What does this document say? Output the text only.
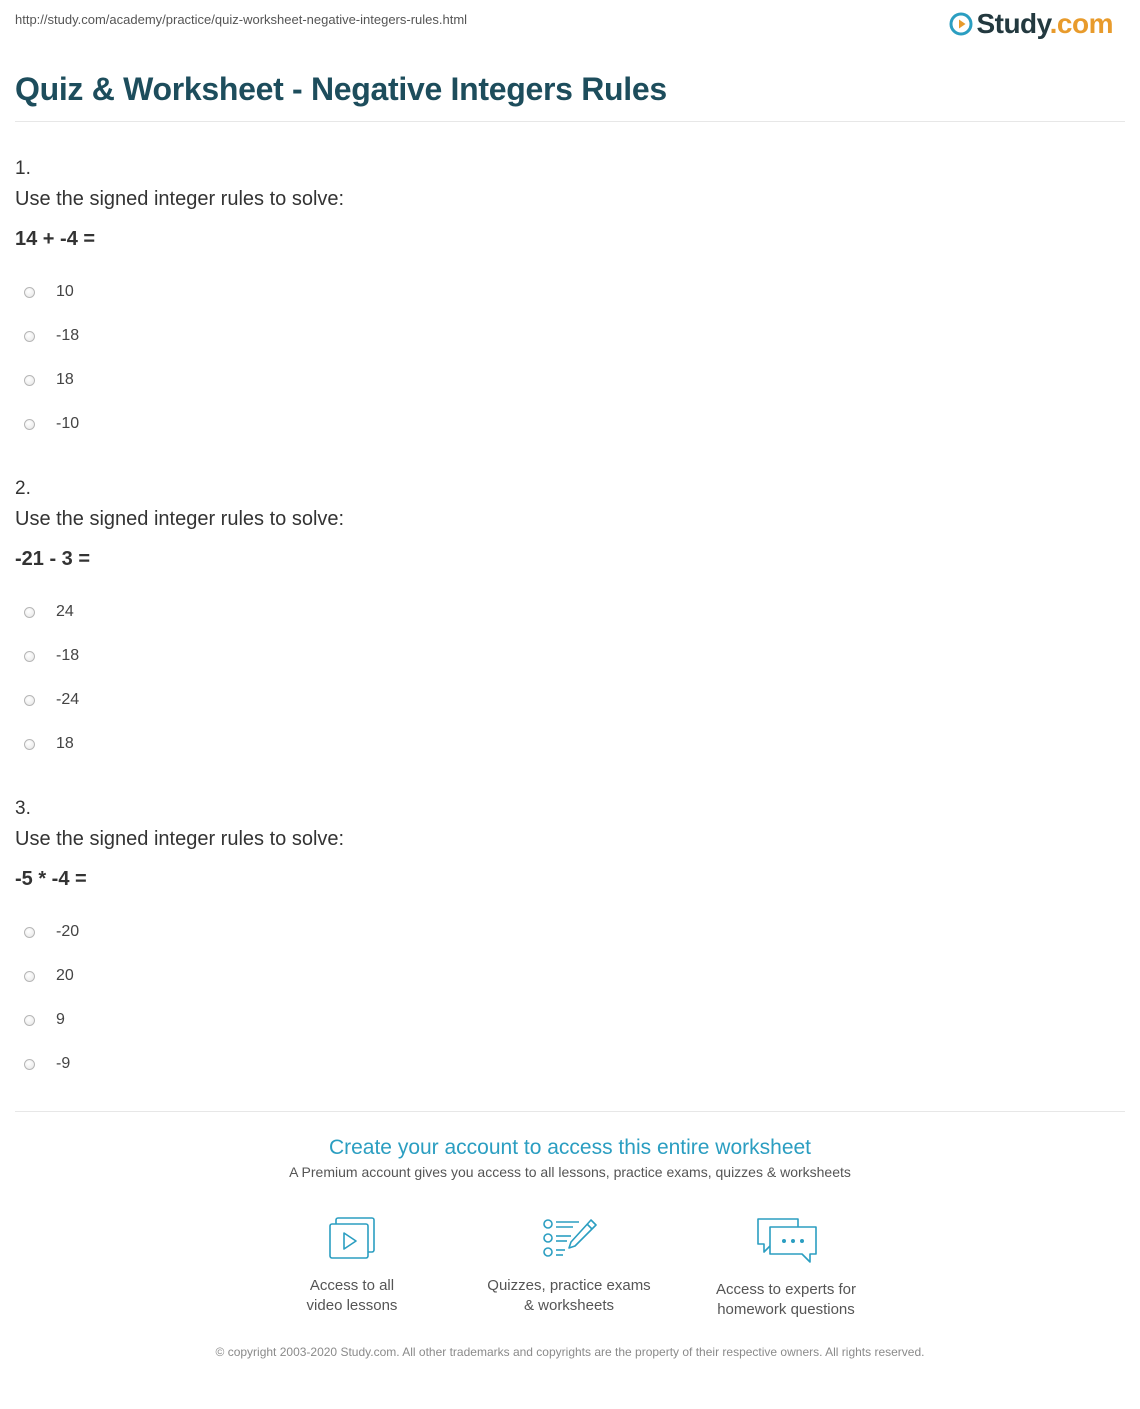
http://study.com/academy/practice/quiz-worksheet-negative-integers-rules.html	Study.com
Quiz & Worksheet - Negative Integers Rules
1.
Use the signed integer rules to solve:
14 + -4 =
10
-18
18
-10
2.
Use the signed integer rules to solve:
-21 - 3 =
24
-18
-24
18
3.
Use the signed integer rules to solve:
-5 * -4 =
-20
20
9
-9
Create your account to access this entire worksheet
A Premium account gives you access to all lessons, practice exams, quizzes & worksheets
Access to all
video lessons
Quizzes, practice exams
& worksheets
Access to experts for
homework questions
© copyright 2003-2020 Study.com. All other trademarks and copyrights are the property of their respective owners. All rights reserved.
